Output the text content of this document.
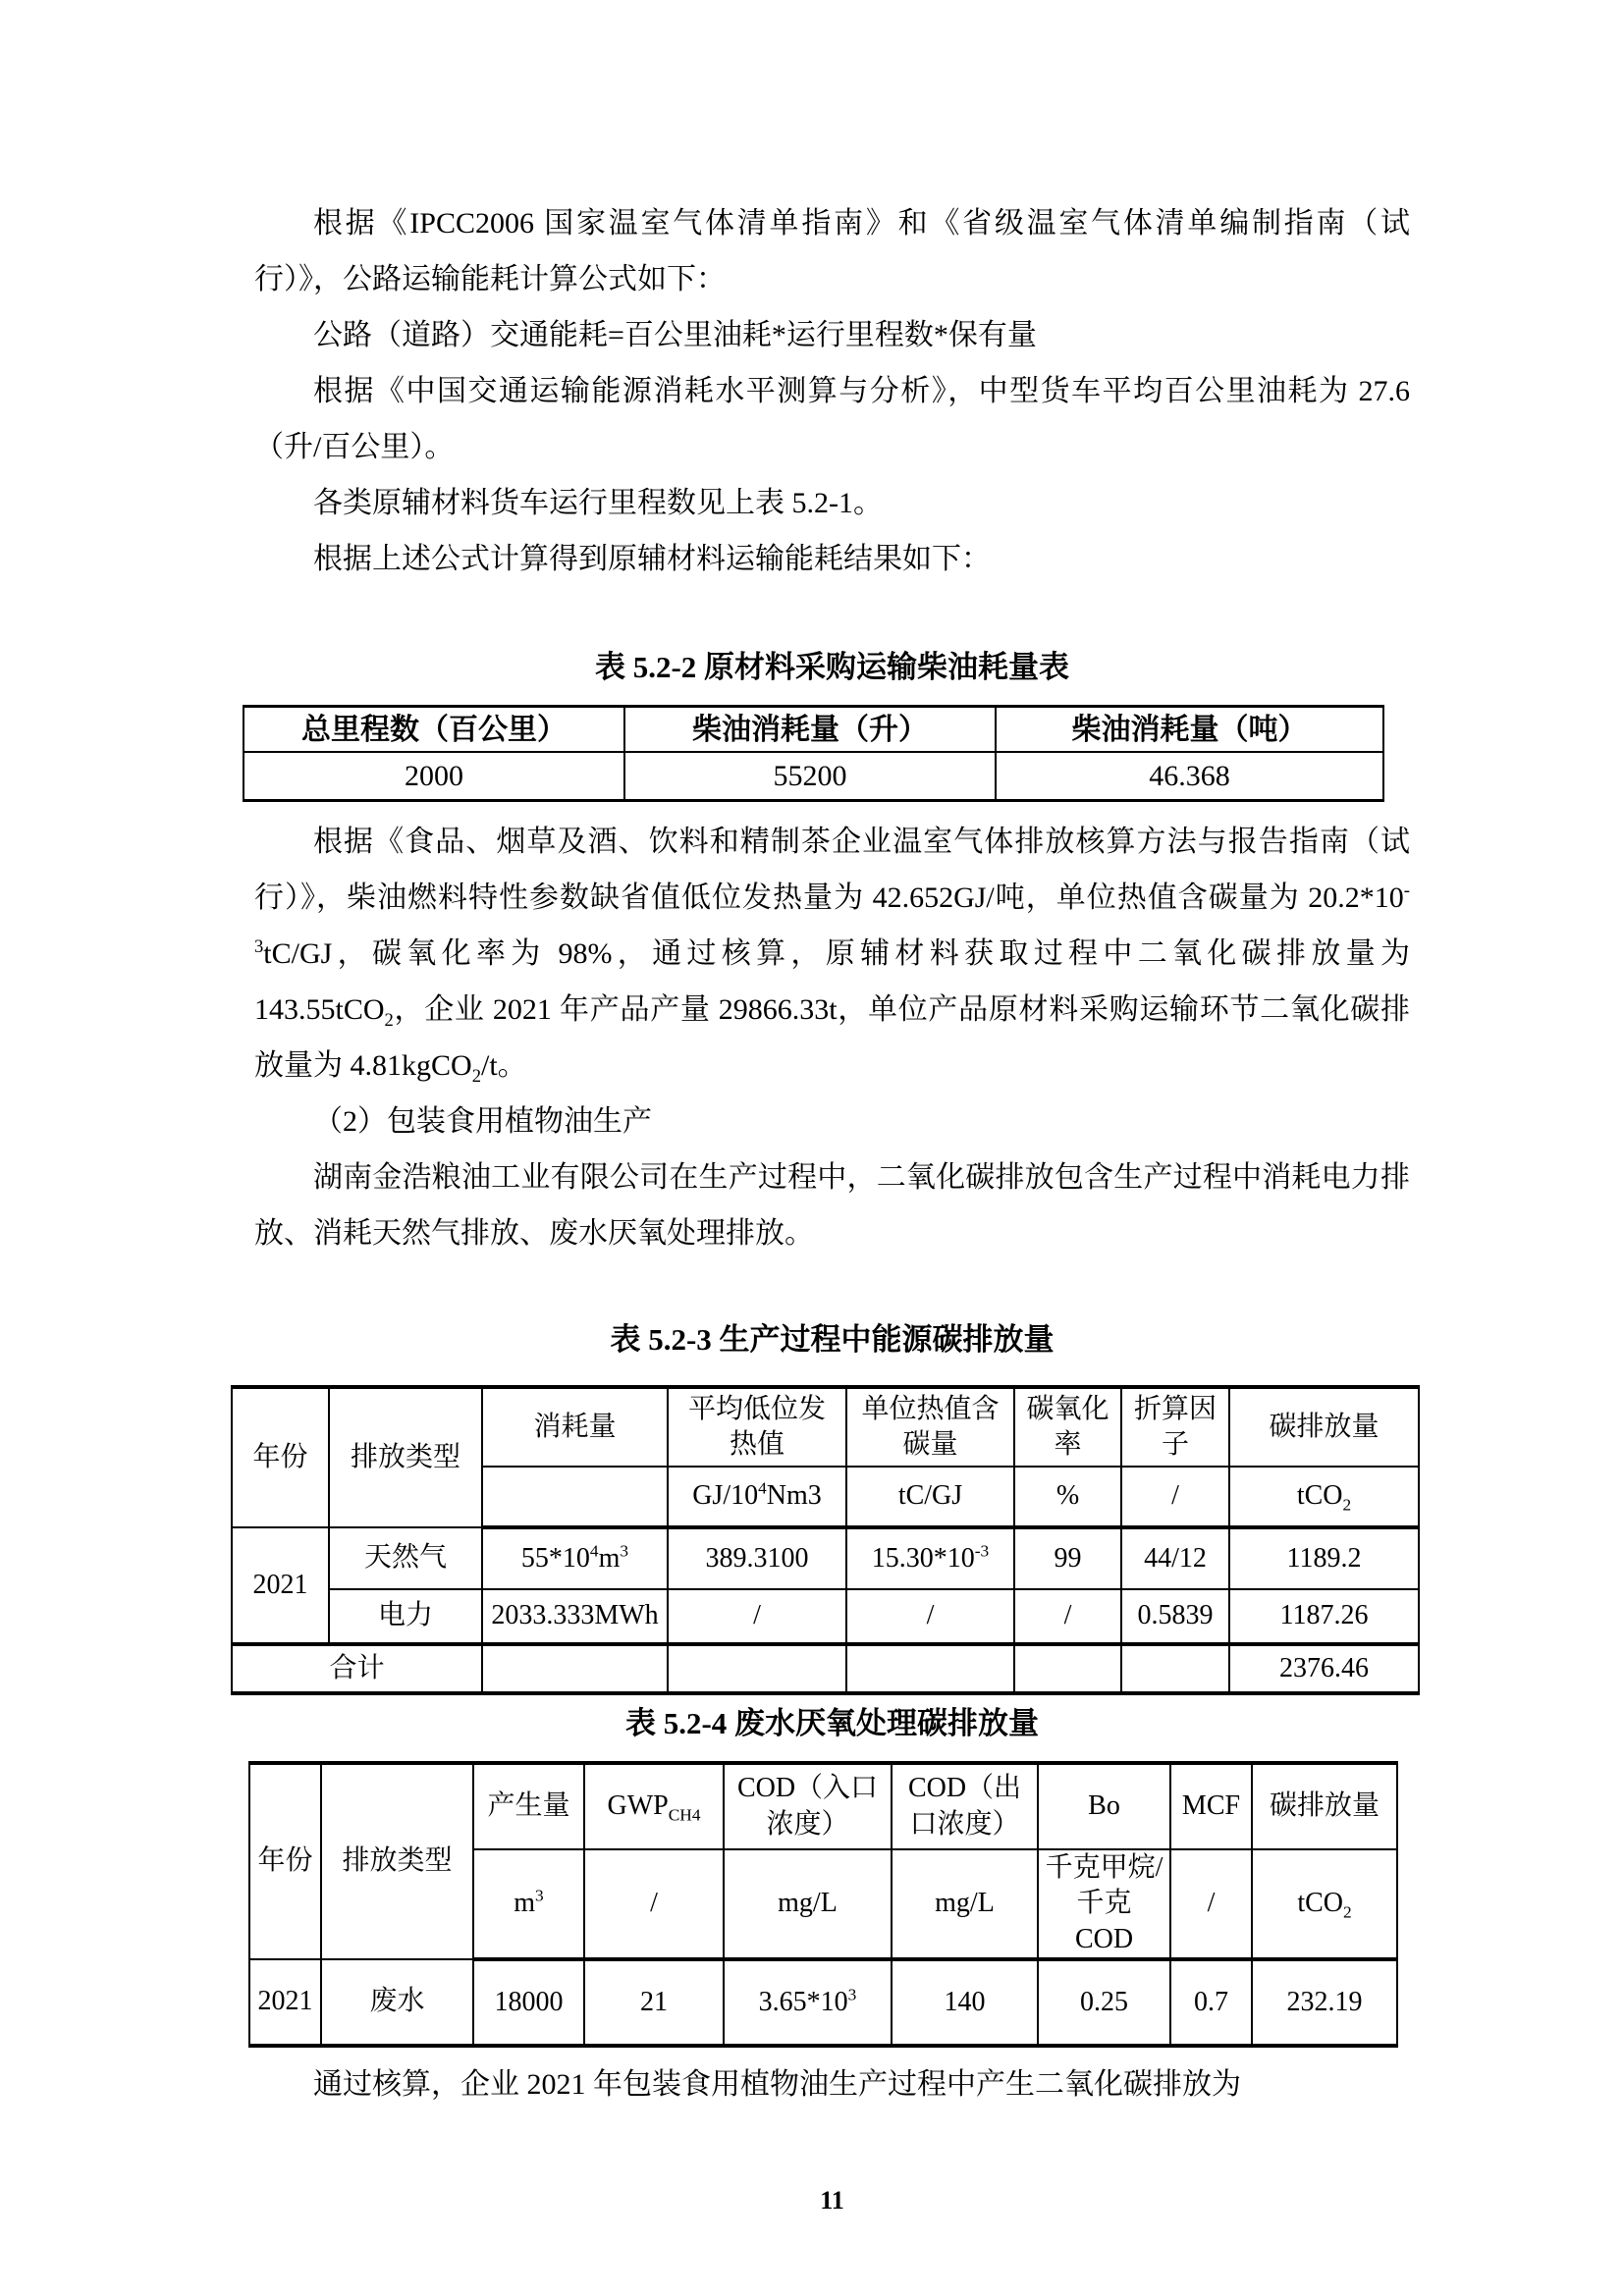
根据《IPCC2006 国家温室气体清单指南》和《省级温室气体清单编制指南（试行）》，公路运输能耗计算公式如下：

公路（道路）交通能耗=百公里油耗*运行里程数*保有量

根据《中国交通运输能源消耗水平测算与分析》，中型货车平均百公里油耗为 27.6（升/百公里）。

各类原辅材料货车运行里程数见上表 5.2-1。

根据上述公式计算得到原辅材料运输能耗结果如下：

表 5.2-2 原材料采购运输柴油耗量表
总里程数（百公里）	柴油消耗量（升）	柴油消耗量（吨）
2000	55200	46.368

根据《食品、烟草及酒、饮料和精制茶企业温室气体排放核算方法与报告指南（试行）》，柴油燃料特性参数缺省值低位发热量为 42.652GJ/吨，单位热值含碳量为 $20.2*10^{-3}tC/GJ$，碳氧化率为 98%，通过核算，原辅材料获取过程中二氧化碳排放量为 143.55tCO$_2$，企业 2021 年产品产量 29866.33t，单位产品原材料采购运输环节二氧化碳排放量为 4.81kgCO$_2$/t。

（2）包装食用植物油生产

湖南金浩粮油工业有限公司在生产过程中，二氧化碳排放包含生产过程中消耗电力排放、消耗天然气排放、废水厌氧处理排放。

表 5.2-3 生产过程中能源碳排放量
年份	排放类型	消耗量	平均低位发热值	单位热值含碳量	碳氧化率	折算因子	碳排放量
			$GJ/10^4Nm3$	tC/GJ	%	/	tCO$_2$
2021	天然气	$55*10^4m^3$	389.3100	$15.30*10^{-3}$	99	44/12	1189.2
	电力	2033.333MWh	/	/	/	0.5839	1187.26
合计							2376.46
表 5.2-4 废水厌氧处理碳排放量
年份	排放类型	产生量	$GWP_{CH4}$	COD（入口浓度）	COD（出口浓度）	Bo	MCF	碳排放量
		$m^3$	/	mg/L	mg/L	千克甲烷/千克 COD	/	tCO$_2$
2021	废水	18000	21	$3.65*10^3$	140	0.25	0.7	232.19

通过核算，企业 2021 年包装食用植物油生产过程中产生二氧化碳排放为

11
